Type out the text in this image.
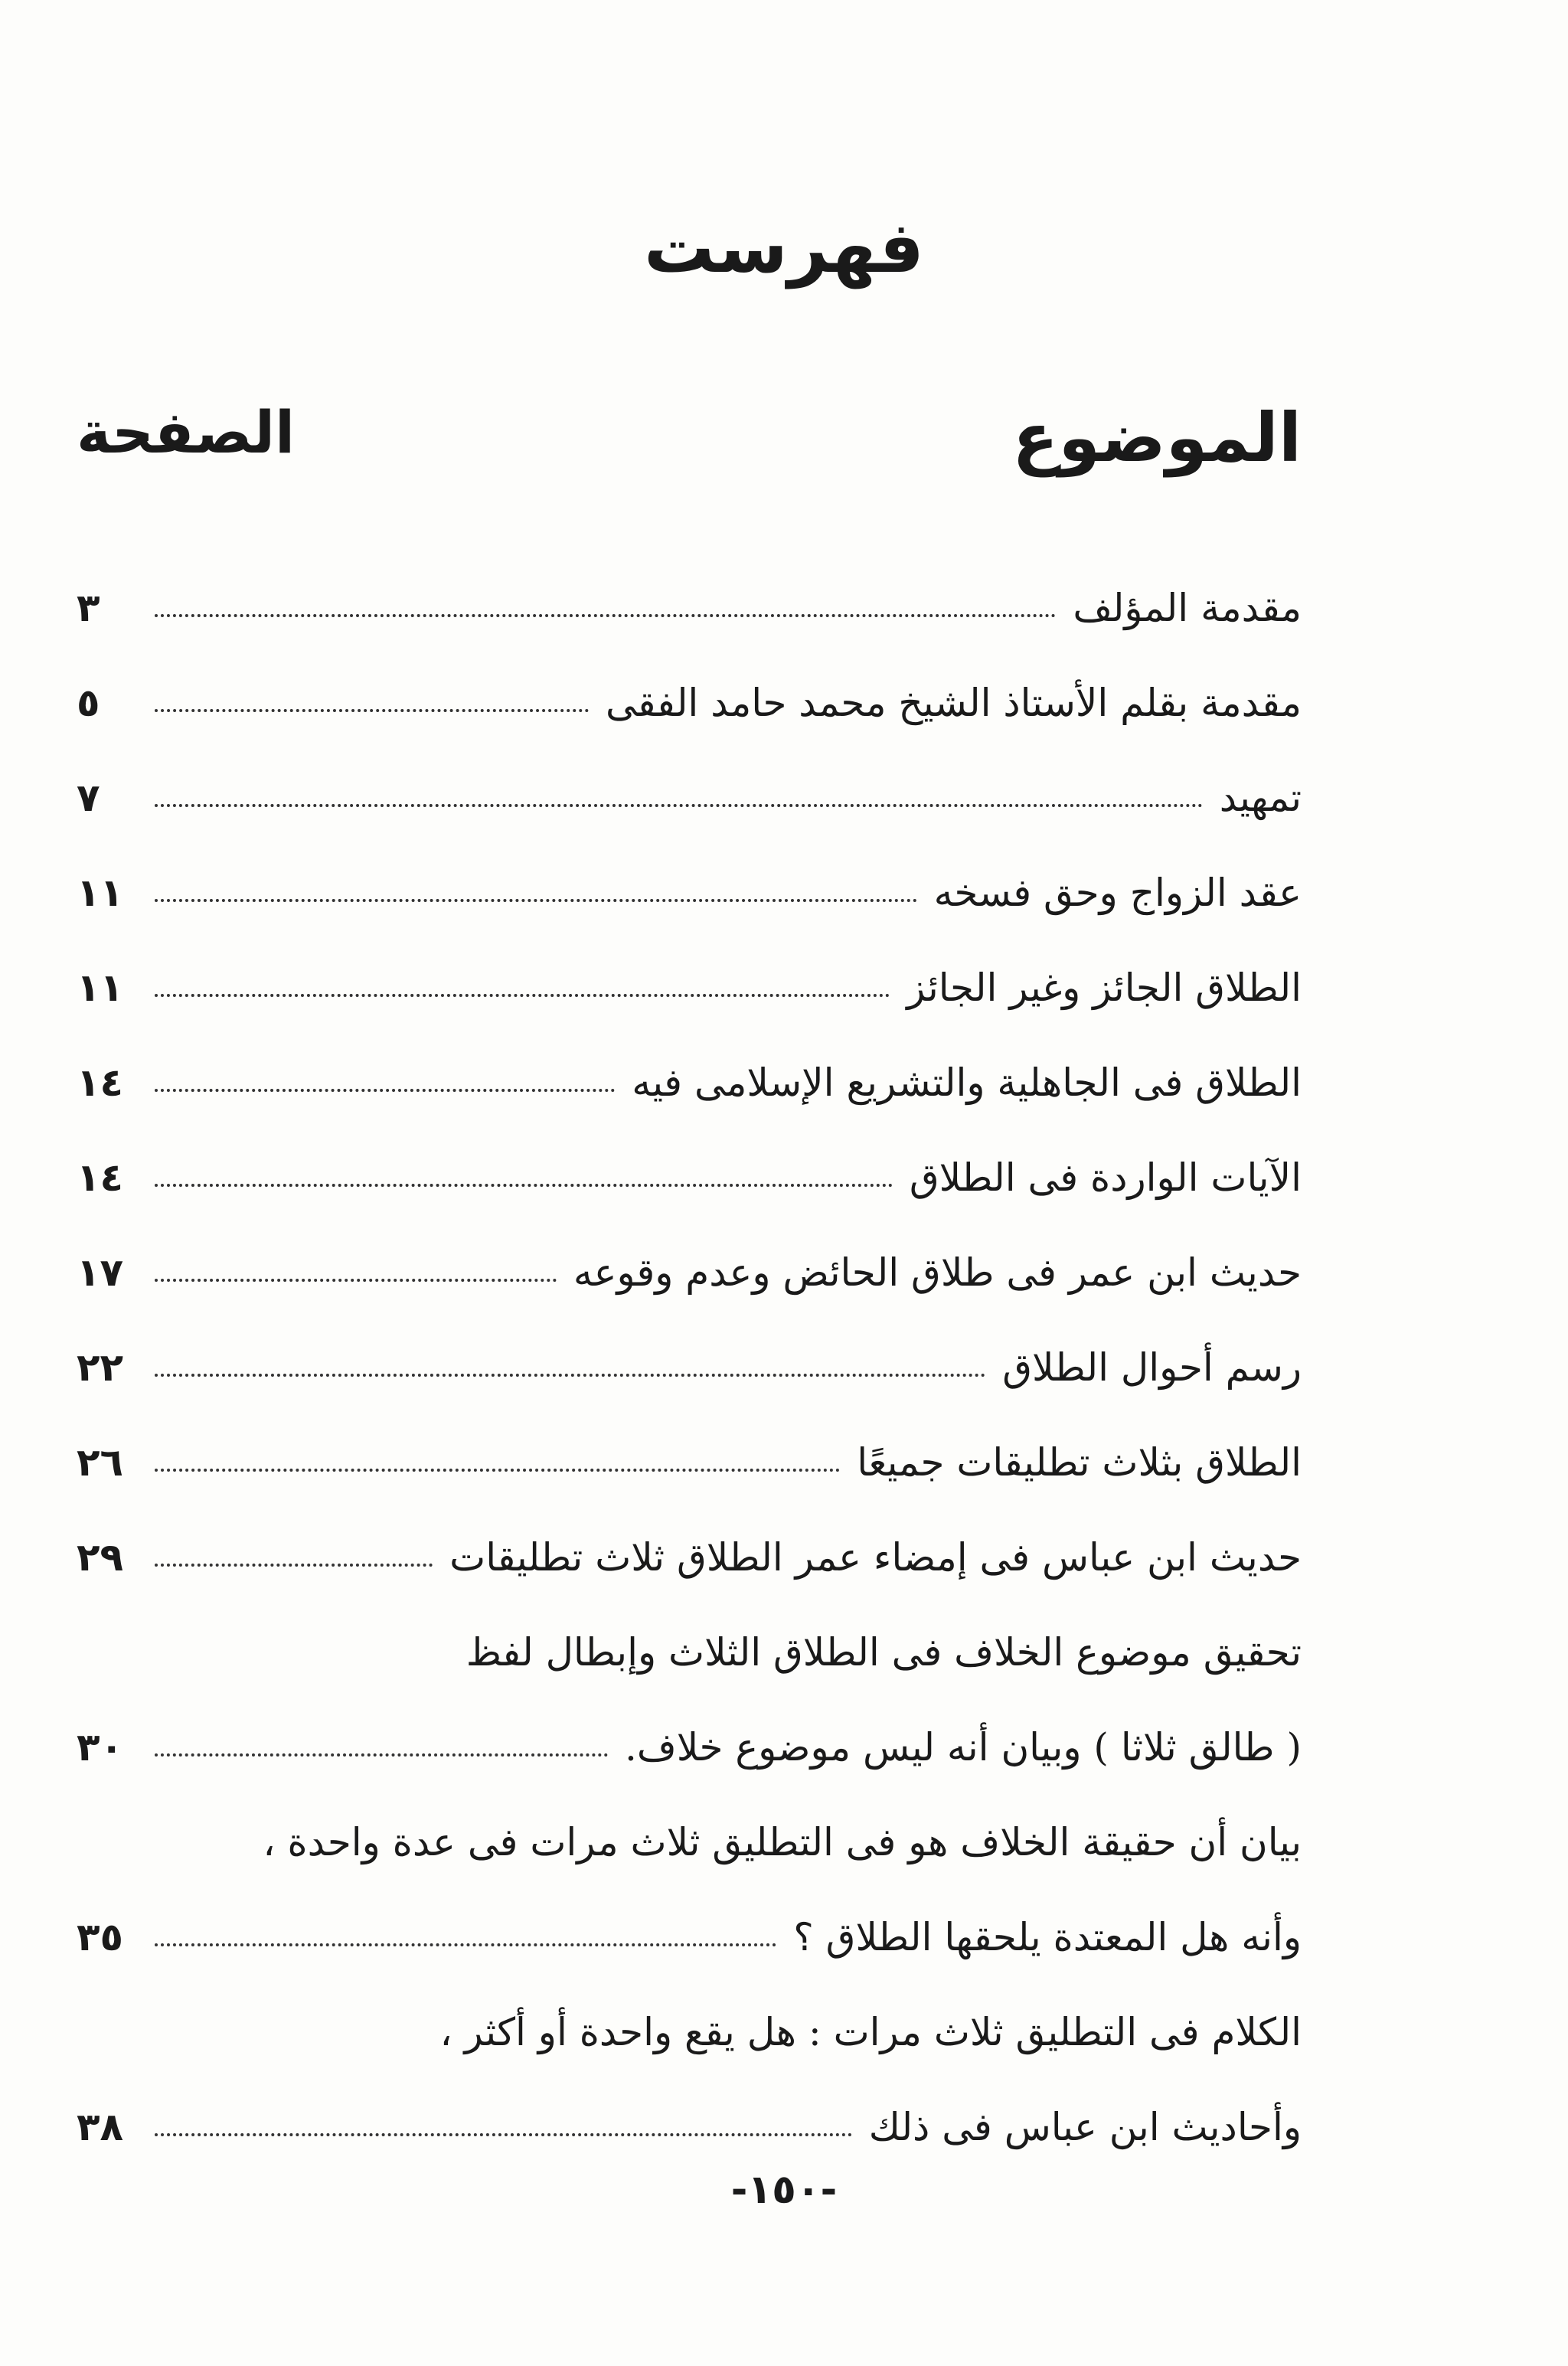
فهرست
الموضوع
الصفحة
مقدمة المؤلف
٣
مقدمة بقلم الأستاذ الشيخ محمد حامد الفقى
٥
تمهيد
٧
عقد الزواج وحق فسخه
١١
الطلاق الجائز وغير الجائز
١١
الطلاق فى الجاهلية والتشريع الإسلامى فيه
١٤
الآيات الواردة فى الطلاق
١٤
حديث ابن عمر فى طلاق الحائض وعدم وقوعه
١٧
رسم أحوال الطلاق
٢٢
الطلاق بثلاث تطليقات جميعًا
٢٦
حديث ابن عباس فى إمضاء عمر الطلاق ثلاث تطليقات
٢٩
تحقيق موضوع الخلاف فى الطلاق الثلاث وإبطال لفظ
( طالق ثلاثا ) وبيان أنه ليس موضوع خلاف.
٣٠
بيان أن حقيقة الخلاف هو فى التطليق ثلاث مرات فى عدة واحدة ،
وأنه هل المعتدة يلحقها الطلاق ؟
٣٥
الكلام فى التطليق ثلاث مرات : هل يقع واحدة أو أكثر ،
وأحاديث ابن عباس فى ذلك
٣٨
-١٥٠-
